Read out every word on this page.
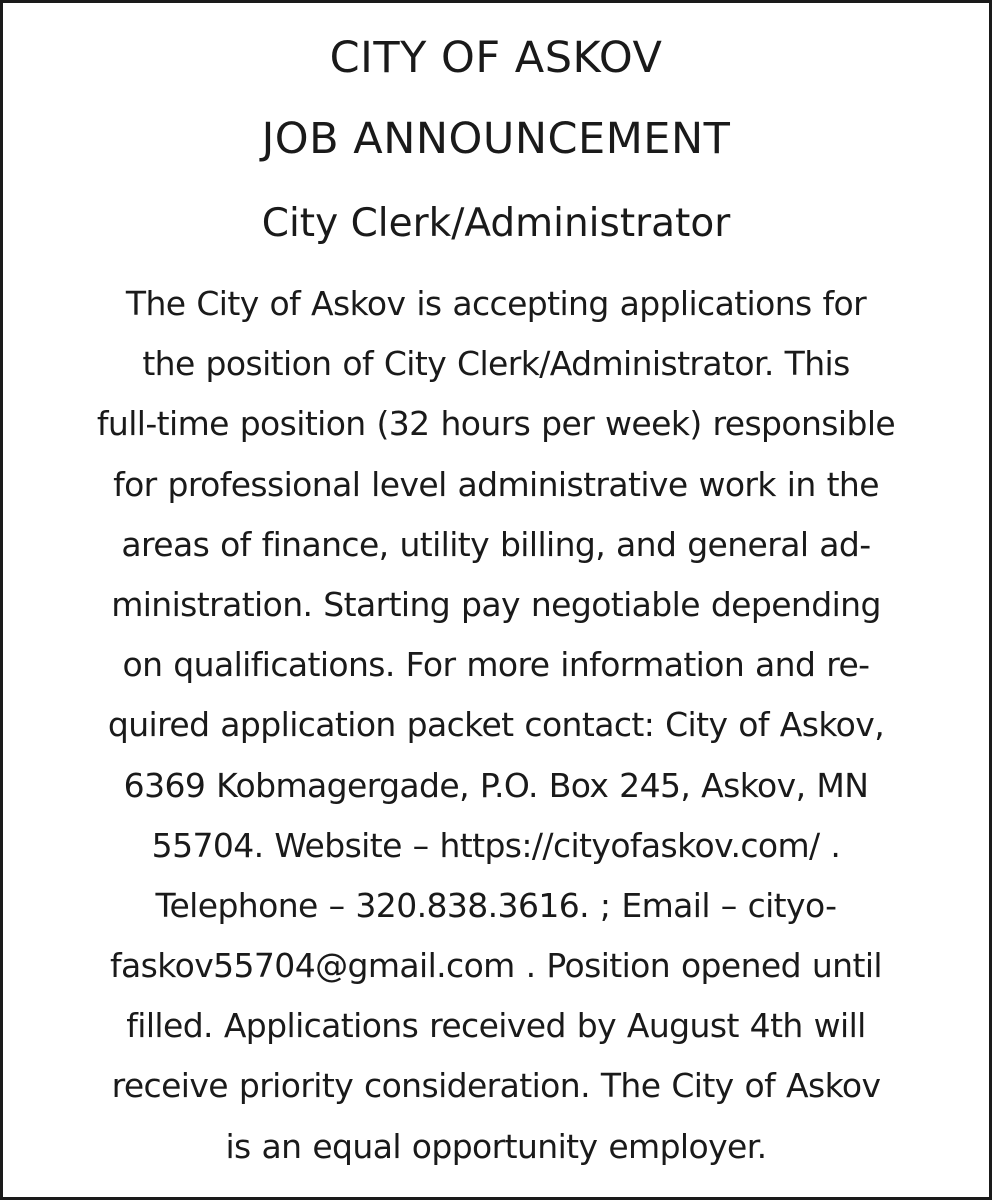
CITY OF ASKOV
JOB ANNOUNCEMENT
City Clerk/Administrator
The City of Askov is accepting applications for
the position of City Clerk/Administrator. This
full-time position (32 hours per week) responsible
for professional level administrative work in the
areas of finance, utility billing, and general ad-
ministration. Starting pay negotiable depending
on qualifications. For more information and re-
quired application packet contact: City of Askov,
6369 Kobmagergade, P.O. Box 245, Askov, MN
55704. Website – https://cityofaskov.com/ .
Telephone – 320.838.3616. ; Email – cityo-
faskov55704@gmail.com . Position opened until
filled. Applications received by August 4th will
receive priority consideration. The City of Askov
is an equal opportunity employer.
